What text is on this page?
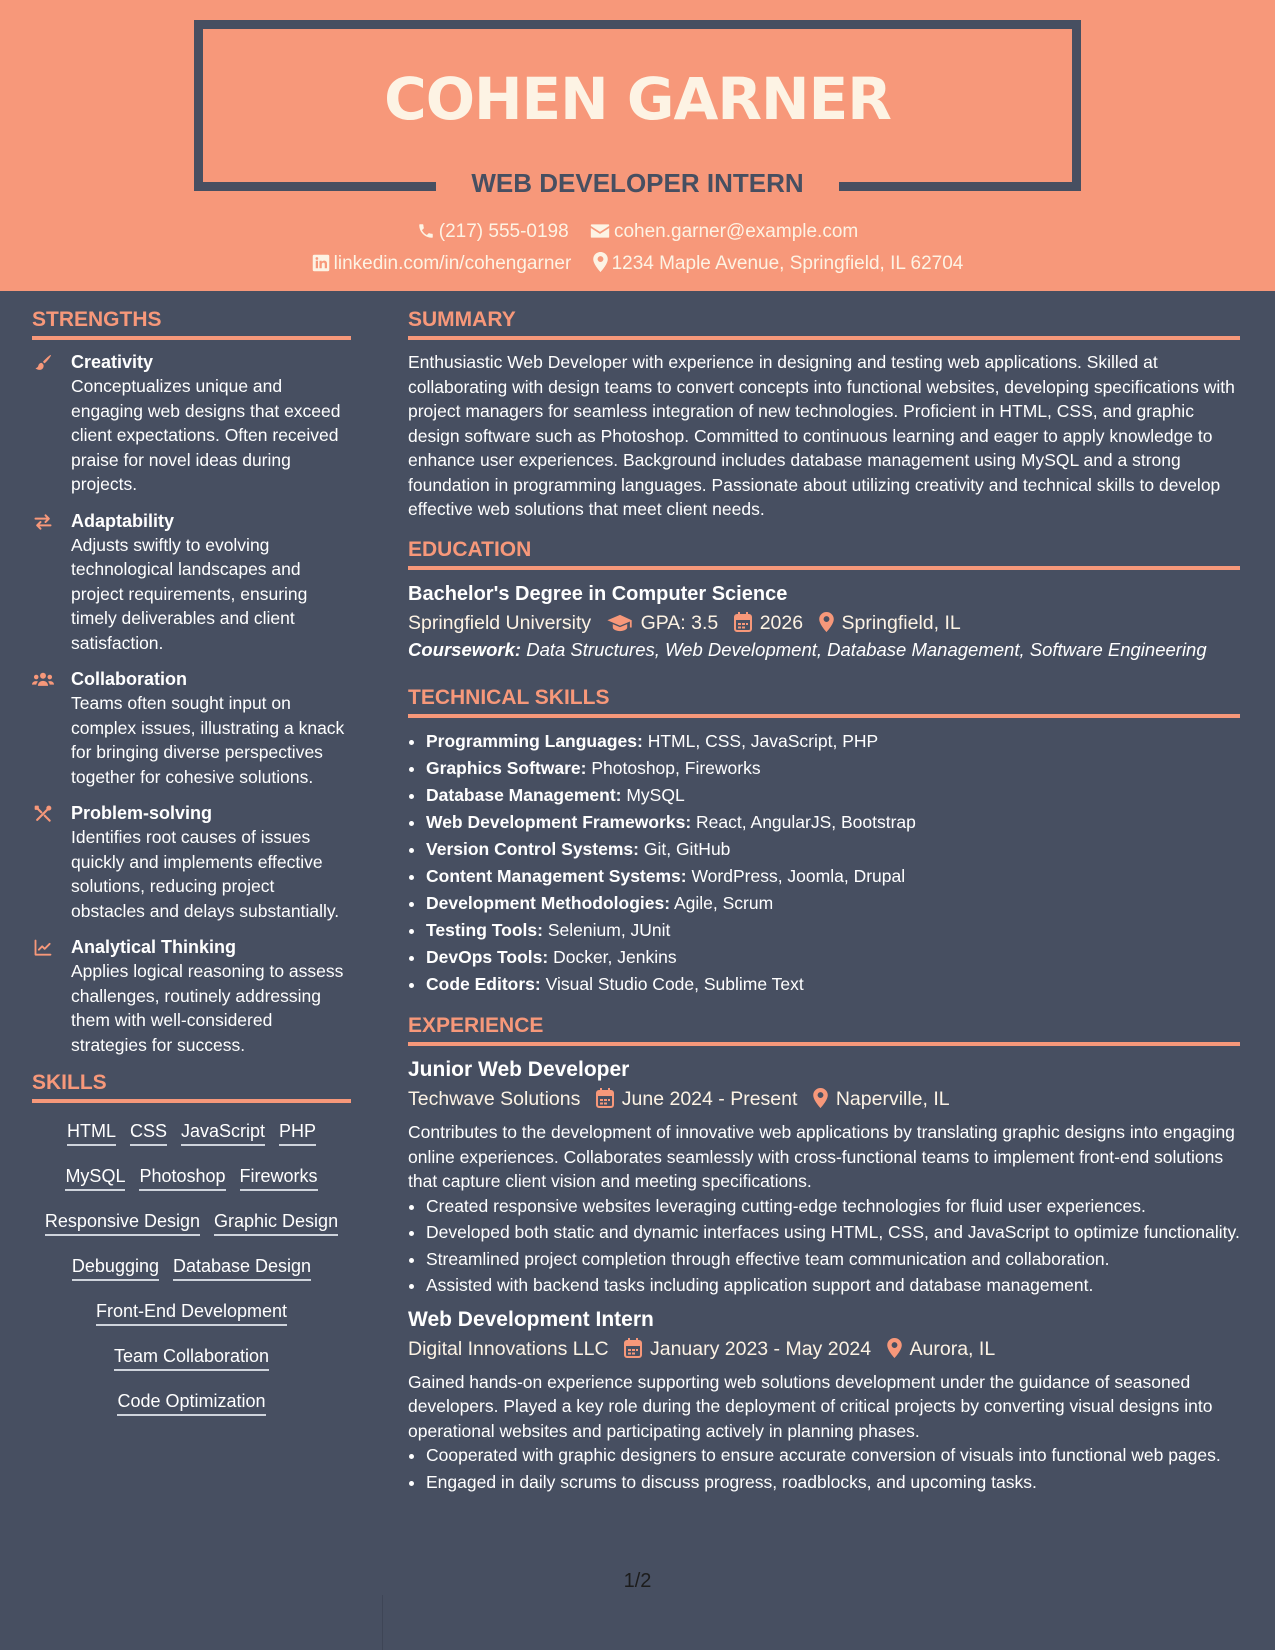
COHEN GARNER
WEB DEVELOPER INTERN
(217) 555-0198 cohen.garner@example.com
linkedin.com/in/cohengarner 1234 Maple Avenue, Springfield, IL 62704
STRENGTHS
Creativity
Conceptualizes unique and engaging web designs that exceed client expectations. Often received praise for novel ideas during projects.
Adaptability
Adjusts swiftly to evolving technological landscapes and project requirements, ensuring timely deliverables and client satisfaction.
Collaboration
Teams often sought input on complex issues, illustrating a knack for bringing diverse perspectives together for cohesive solutions.
Problem-solving
Identifies root causes of issues quickly and implements effective solutions, reducing project obstacles and delays substantially.
Analytical Thinking
Applies logical reasoning to assess challenges, routinely addressing them with well-considered strategies for success.
SKILLS
HTML CSS JavaScript PHP
MySQL Photoshop Fireworks
Responsive Design Graphic Design
Debugging Database Design
Front-End Development
Team Collaboration
Code Optimization
SUMMARY

Enthusiastic Web Developer with experience in designing and testing web applications. Skilled at collaborating with design teams to convert concepts into functional websites, developing specifications with project managers for seamless integration of new technologies. Proficient in HTML, CSS, and graphic design software such as Photoshop. Committed to continuous learning and eager to apply knowledge to enhance user experiences. Background includes database management using MySQL and a strong foundation in programming languages. Passionate about utilizing creativity and technical skills to develop effective web solutions that meet client needs.

EDUCATION
Bachelor's Degree in Computer Science
Springfield University	GPA: 3.5 2026 Springfield, IL
Coursework: Data Structures, Web Development, Database Management, Software Engineering
TECHNICAL SKILLS
• Programming Languages: HTML, CSS, JavaScript, PHP
• Graphics Software: Photoshop, Fireworks
• Database Management: MySQL
• Web Development Frameworks: React, AngularJS, Bootstrap
• Version Control Systems: Git, GitHub
• Content Management Systems: WordPress, Joomla, Drupal
• Development Methodologies: Agile, Scrum
• Testing Tools: Selenium, JUnit
• DevOps Tools: Docker, Jenkins
• Code Editors: Visual Studio Code, Sublime Text
EXPERIENCE
Junior Web Developer
Techwave Solutions June 2024 - Present Naperville, IL

Contributes to the development of innovative web applications by translating graphic designs into engaging online experiences. Collaborates seamlessly with cross-functional teams to implement front-end solutions that capture client vision and meeting specifications.

• Created responsive websites leveraging cutting-edge technologies for fluid user experiences.
• Developed both static and dynamic interfaces using HTML, CSS, and JavaScript to optimize functionality.
• Streamlined project completion through effective team communication and collaboration.
• Assisted with backend tasks including application support and database management.
Web Development Intern
Digital Innovations LLC January 2023 - May 2024 Aurora, IL

Gained hands-on experience supporting web solutions development under the guidance of seasoned developers. Played a key role during the deployment of critical projects by converting visual designs into operational websites and participating actively in planning phases.

• Cooperated with graphic designers to ensure accurate conversion of visuals into functional web pages.
• Engaged in daily scrums to discuss progress, roadblocks, and upcoming tasks.
1/2
